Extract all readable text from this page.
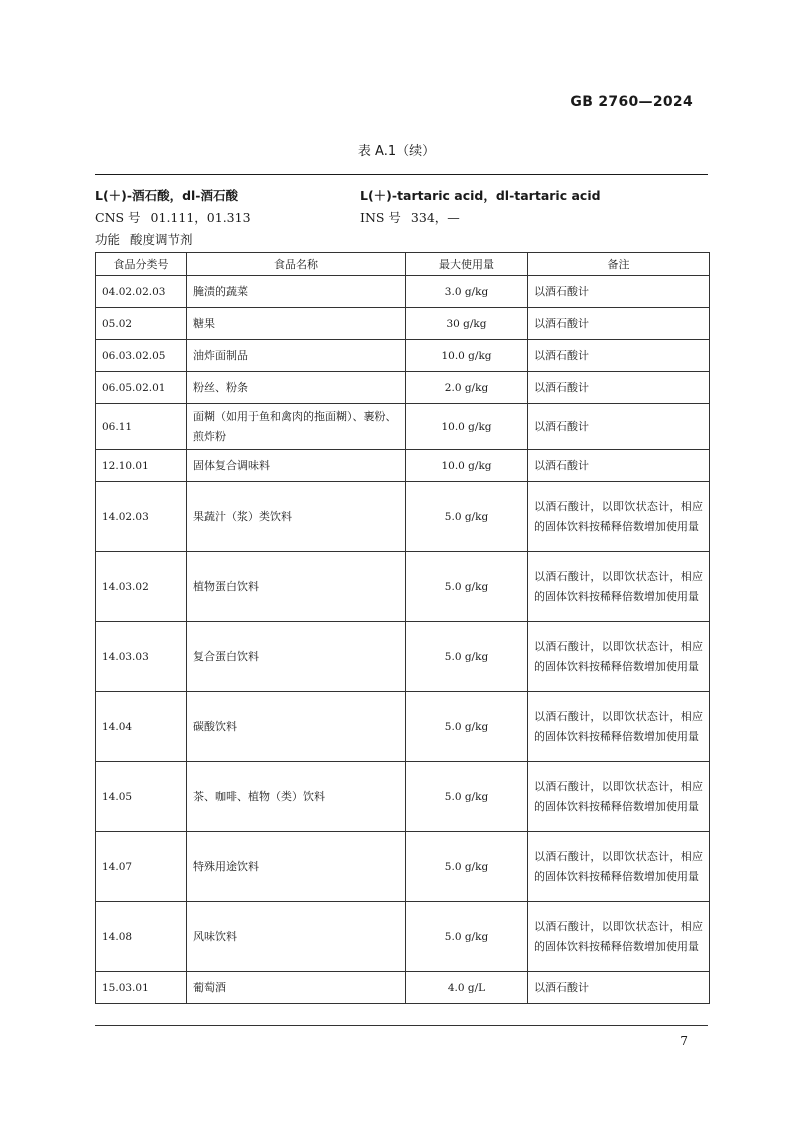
GB 2760—2024
表 A.1（续）
L(＋)-酒石酸，dl-酒石酸	L(＋)-tartaric acid，dl-tartaric acid
CNS 号 01.111，01.313	INS 号 334，—
功能 酸度调节剂
食品分类号	食品名称	最大使用量	备注
04.02.02.03	腌渍的蔬菜	3.0 g/kg	以酒石酸计
05.02	糖果	30 g/kg	以酒石酸计
06.03.02.05	油炸面制品	10.0 g/kg	以酒石酸计
06.05.02.01	粉丝、粉条	2.0 g/kg	以酒石酸计
06.11	面糊（如用于鱼和禽肉的拖面糊）、裹粉、煎炸粉	10.0 g/kg	以酒石酸计
12.10.01	固体复合调味料	10.0 g/kg	以酒石酸计
14.02.03	果蔬汁（浆）类饮料	5.0 g/kg	以酒石酸计，以即饮状态计，相应的固体饮料按稀释倍数增加使用量
14.03.02	植物蛋白饮料	5.0 g/kg	以酒石酸计，以即饮状态计，相应的固体饮料按稀释倍数增加使用量
14.03.03	复合蛋白饮料	5.0 g/kg	以酒石酸计，以即饮状态计，相应的固体饮料按稀释倍数增加使用量
14.04	碳酸饮料	5.0 g/kg	以酒石酸计，以即饮状态计，相应的固体饮料按稀释倍数增加使用量
14.05	茶、咖啡、植物（类）饮料	5.0 g/kg	以酒石酸计，以即饮状态计，相应的固体饮料按稀释倍数增加使用量
14.07	特殊用途饮料	5.0 g/kg	以酒石酸计，以即饮状态计，相应的固体饮料按稀释倍数增加使用量
14.08	风味饮料	5.0 g/kg	以酒石酸计，以即饮状态计，相应的固体饮料按稀释倍数增加使用量
15.03.01	葡萄酒	4.0 g/L	以酒石酸计
7
